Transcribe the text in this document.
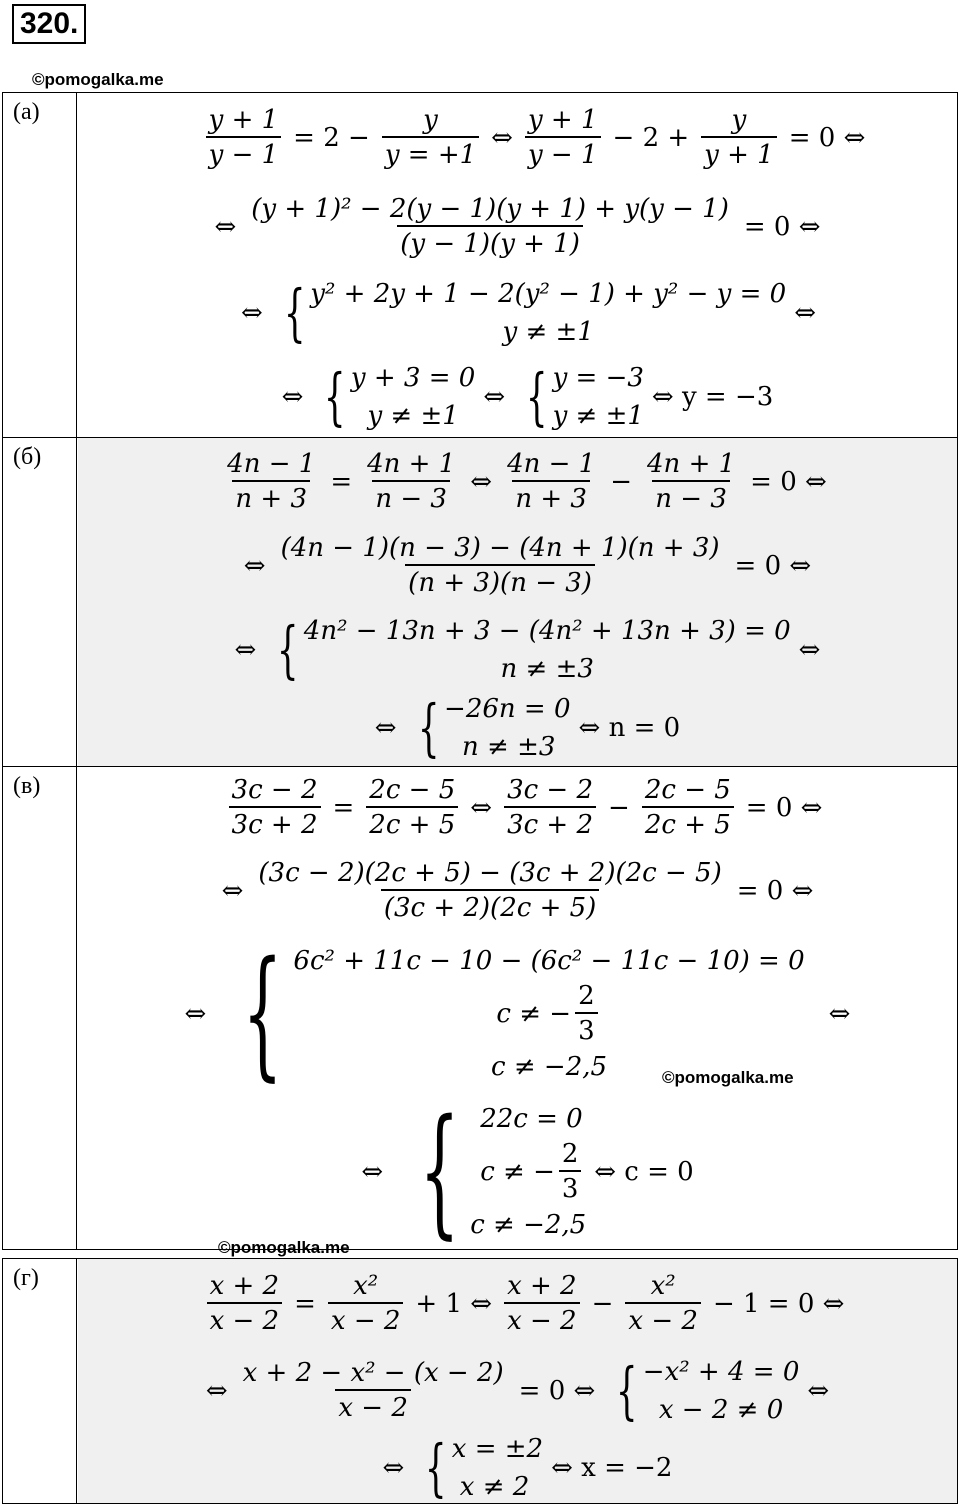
320.
©pomogalka.me
©pomogalka.me
©pomogalka.me
(а)	$\frac{y + 1}{y - 1} = 2 - \frac{y}{y = +1}$ ⇔ $\frac{y + 1}{y - 1} - 2 + \frac{y}{y + 1} = 0$ ⇔
⇔ $\frac{\text{(y + 1)² − 2(y − 1)(y + 1) + y(y − 1)}}{(y - 1)(y + 1)} = 0$ ⇔
⇔ { y² + 2y + 1 − 2(y² − 1) + y² − y = 0
y ≠ ±1
⇔
⇔ { y + 3 = 0
y ≠ ±1
⇔ { y = −3
y ≠ ±1
⇔ y = −3
(б)	$\frac{4n - 1}{n + 3} = \frac{4n + 1}{n - 3}$ ⇔ $\frac{4n - 1}{n + 3} - \frac{4n + 1}{n - 3} = 0$ ⇔
⇔ $\frac{(4n - 1)(n - 3) - (4n + 1)(n + 3)}{(n + 3)(n - 3)} = 0$ ⇔
⇔ { 4n² − 13n + 3 − (4n² + 13n + 3) = 0
n ≠ ±3
⇔
⇔ { −26n = 0
n ≠ ±3
⇔ n = 0
(в)	$\frac{3c - 2}{3c + 2} = \frac{2c - 5}{2c + 5}$ ⇔ $\frac{3c - 2}{3c + 2} - \frac{2c - 5}{2c + 5} = 0$ ⇔
⇔ $\frac{(3c - 2)(2c + 5) - (3c + 2)(2c - 5)}{(3c + 2)(2c + 5)} = 0$ ⇔
⇔ { 6c² + 11c − 10 − (6c² − 11c − 10) = 0
c ≠ − $\frac{2}{3}$
c ≠ −2,5
⇔
⇔ { 22c = 0
c ≠ − $\frac{2}{3}$
c ≠ −2,5
⇔ c = 0
(г)	$\frac{x + 2}{x - 2} = \frac{\text{x²}}{x - 2} + 1$ ⇔ $\frac{x + 2}{x - 2} - \frac{\text{x²}}{x - 2} - 1 = 0$ ⇔
⇔ $\frac{\text{x + 2 − x² − (x − 2)}}{x - 2} = 0$ ⇔ { −x² + 4 = 0
x − 2 ≠ 0
⇔
⇔ { x = ±2
x ≠ 2
⇔ x = −2
